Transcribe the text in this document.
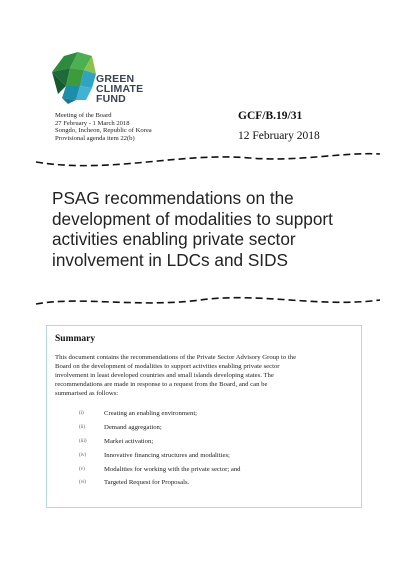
GREEN
CLIMATE
FUND
Meeting of the Board
27 February - 1 March 2018
Songdo, Incheon, Republic of Korea
Provisional agenda item 22(b)
GCF/B.19/31
12 February 2018
PSAG recommendations on the
development of modalities to support
activities enabling private sector
involvement in LDCs and SIDS
Summary
This document contains the recommendations of the Private Sector Advisory Group to the
Board on the development of modalities to support activities enabling private sector
involvement in least developed countries and small islands developing states. The
recommendations are made in response to a request from the Board, and can be
summarised as follows:
(i)	Creating an enabling environment;
(ii)	Demand aggregation;
(iii)	Market activation;
(iv)	Innovative financing structures and modalities;
(v)	Modalities for working with the private sector; and
(vi)	Targeted Request for Proposals.
